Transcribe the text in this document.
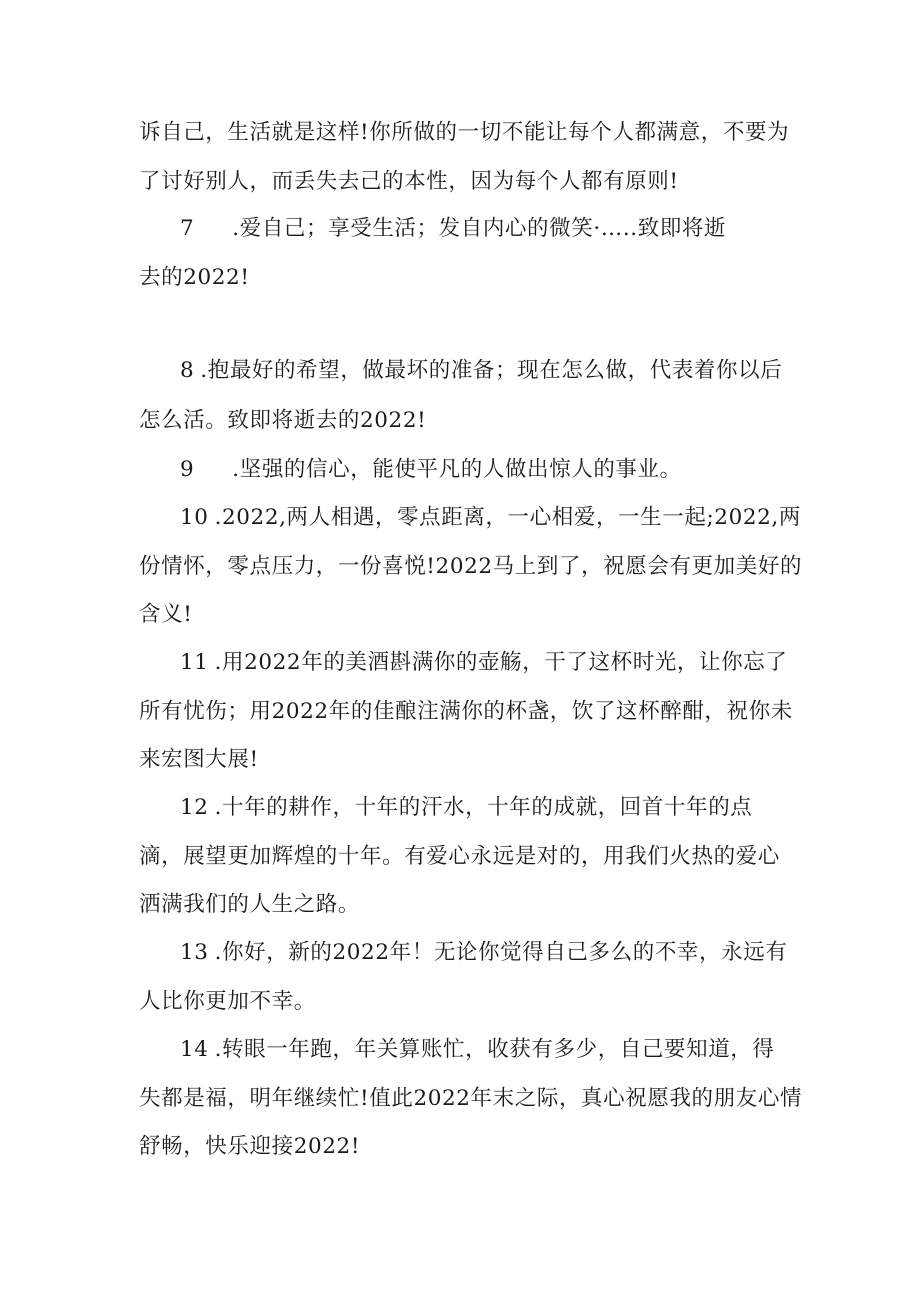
诉自己，生活就是这样!你所做的一切不能让每个人都满意，不要为
了讨好别人，而丢失去己的本性，因为每个人都有原则!
7 .爱自己；享受生活；发自内心的微笑·…..致即将逝
去的2022!
8 .抱最好的希望，做最坏的准备；现在怎么做，代表着你以后
怎么活。致即将逝去的2022!
9 .坚强的信心，能使平凡的人做出惊人的事业。
10 .2022,两人相遇，零点距离，一心相爱，一生一起;2022,两
份情怀，零点压力，一份喜悦!2022马上到了，祝愿会有更加美好的
含义!
11 .用2022年的美酒斟满你的壶觞，干了这杯时光，让你忘了
所有忧伤；用2022年的佳酿注满你的杯盏，饮了这杯醉酣，祝你未
来宏图大展!
12 .十年的耕作，十年的汗水，十年的成就，回首十年的点
滴，展望更加辉煌的十年。有爱心永远是对的，用我们火热的爱心
洒满我们的人生之路。
13 .你好，新的2022年！无论你觉得自己多么的不幸，永远有
人比你更加不幸。
14 .转眼一年跑，年关算账忙，收获有多少，自己要知道，得
失都是福，明年继续忙!值此2022年末之际，真心祝愿我的朋友心情
舒畅，快乐迎接2022!
